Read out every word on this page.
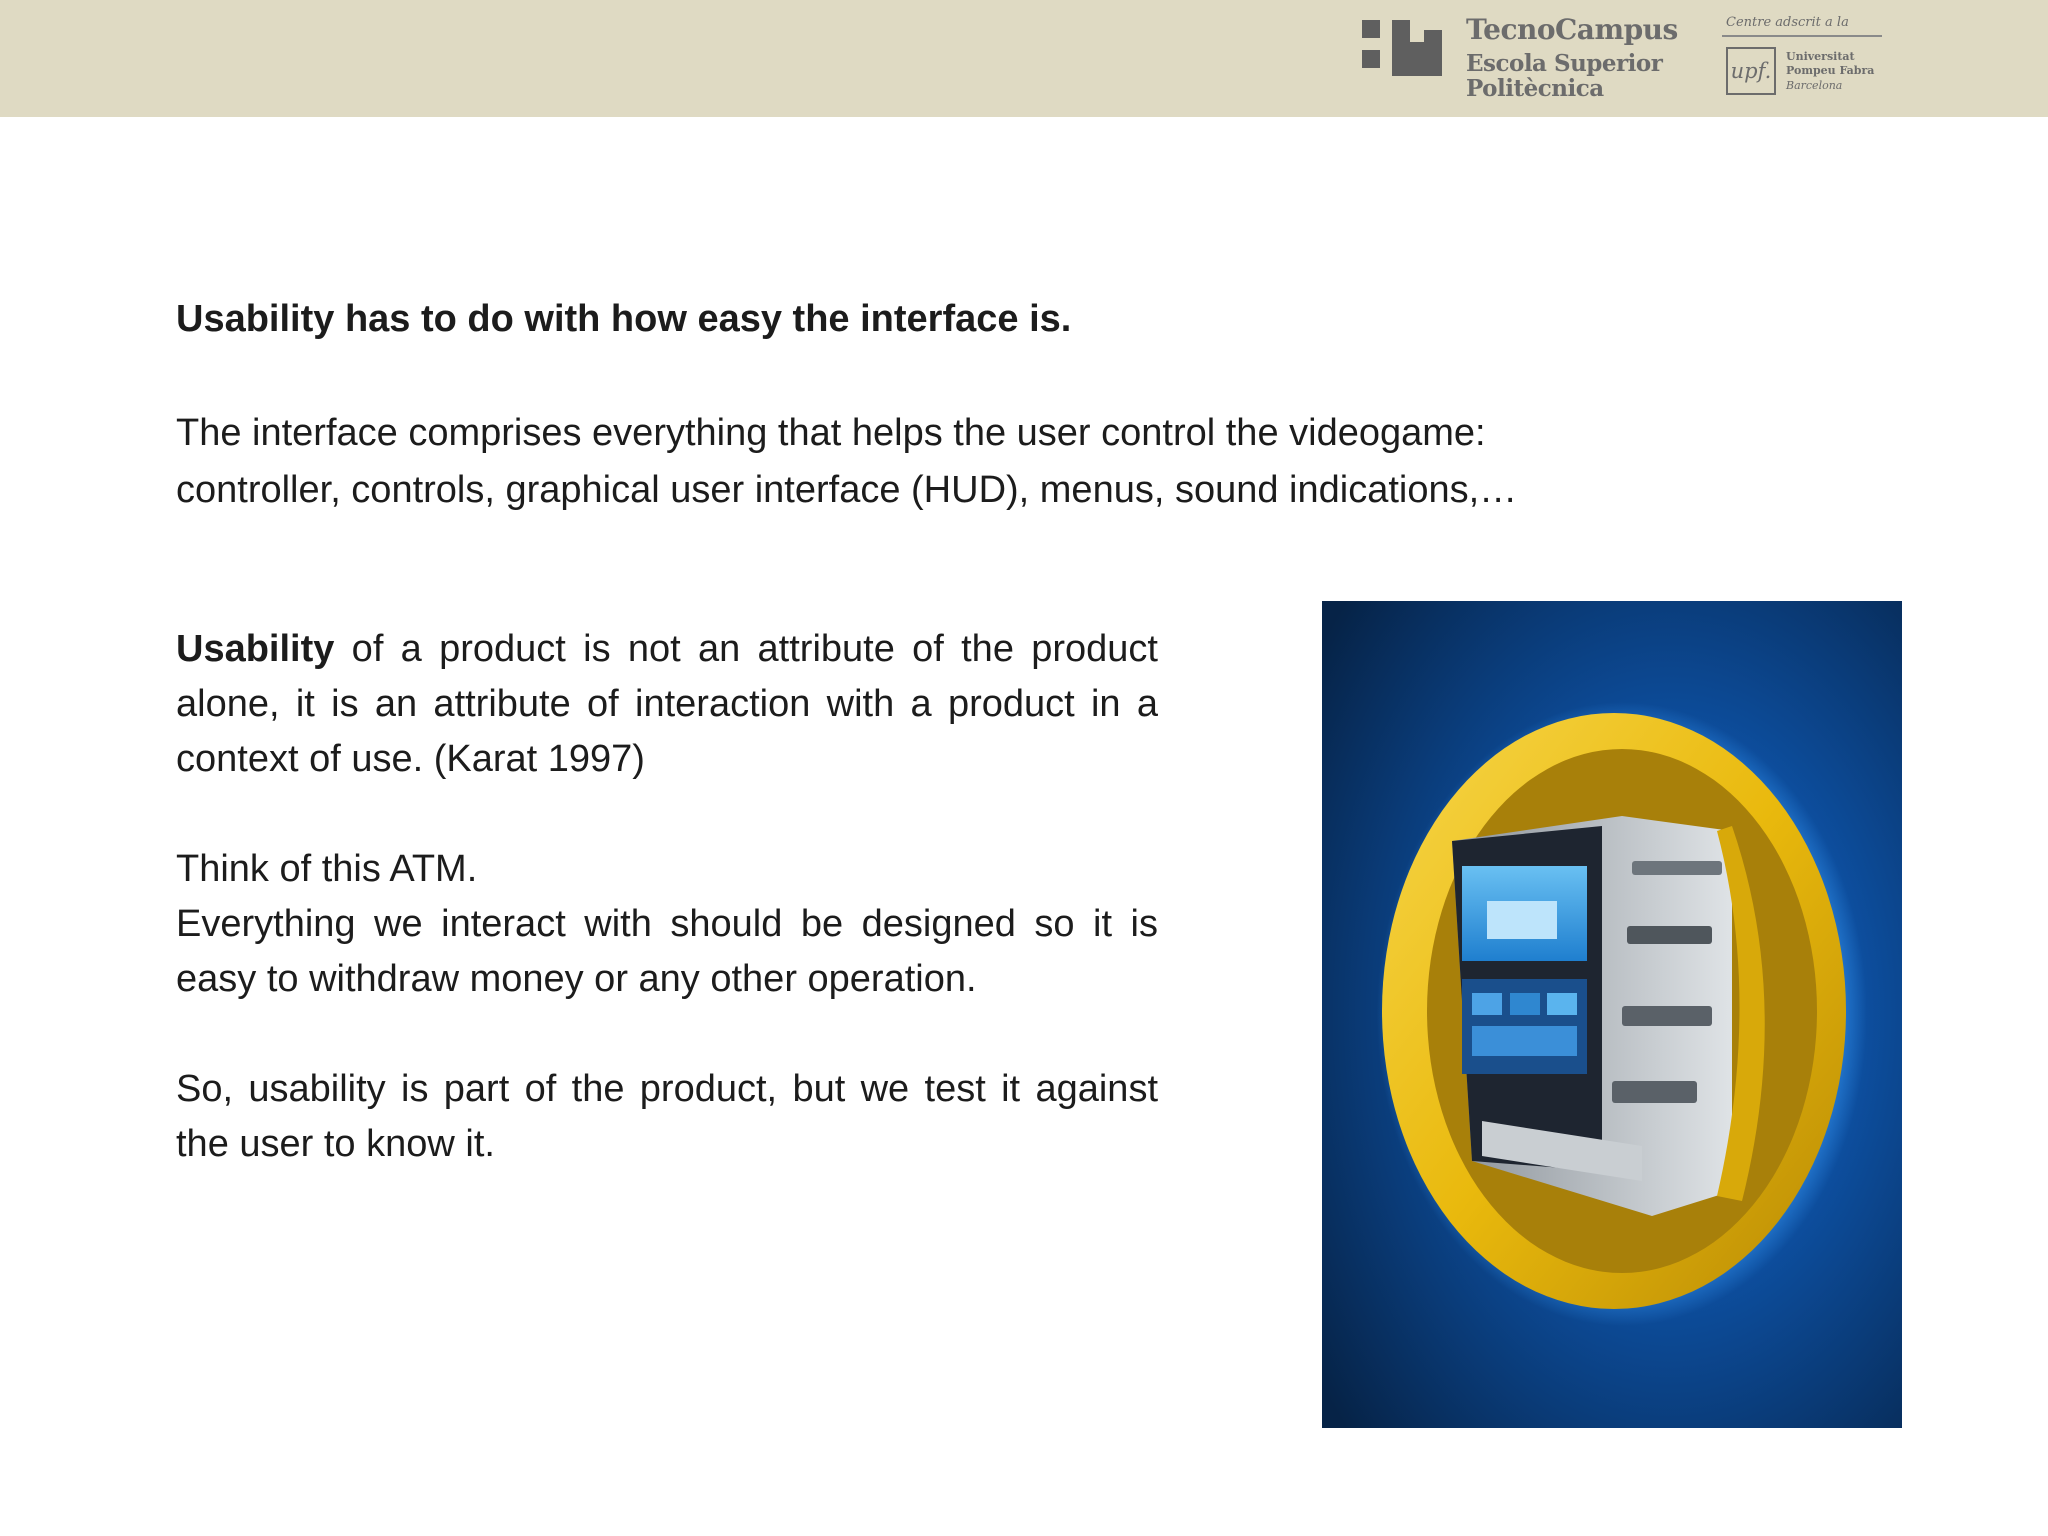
TecnoCampus
Escola Superior
Politècnica
Centre adscrit a la
upf.
Universitat
Pompeu Fabra
Barcelona
Usability has to do with how easy the interface is.
The interface comprises everything that helps the user control the videogame:
controller, controls, graphical user interface (HUD), menus, sound indications,…

Usability of a product is not an attribute of the product alone, it is an attribute of interaction with a product in a context of use. (Karat 1997)

Think of this ATM.

Everything we interact with should be designed so it is easy to withdraw money or any other operation.

So, usability is part of the product, but we test it against the user to know it.
